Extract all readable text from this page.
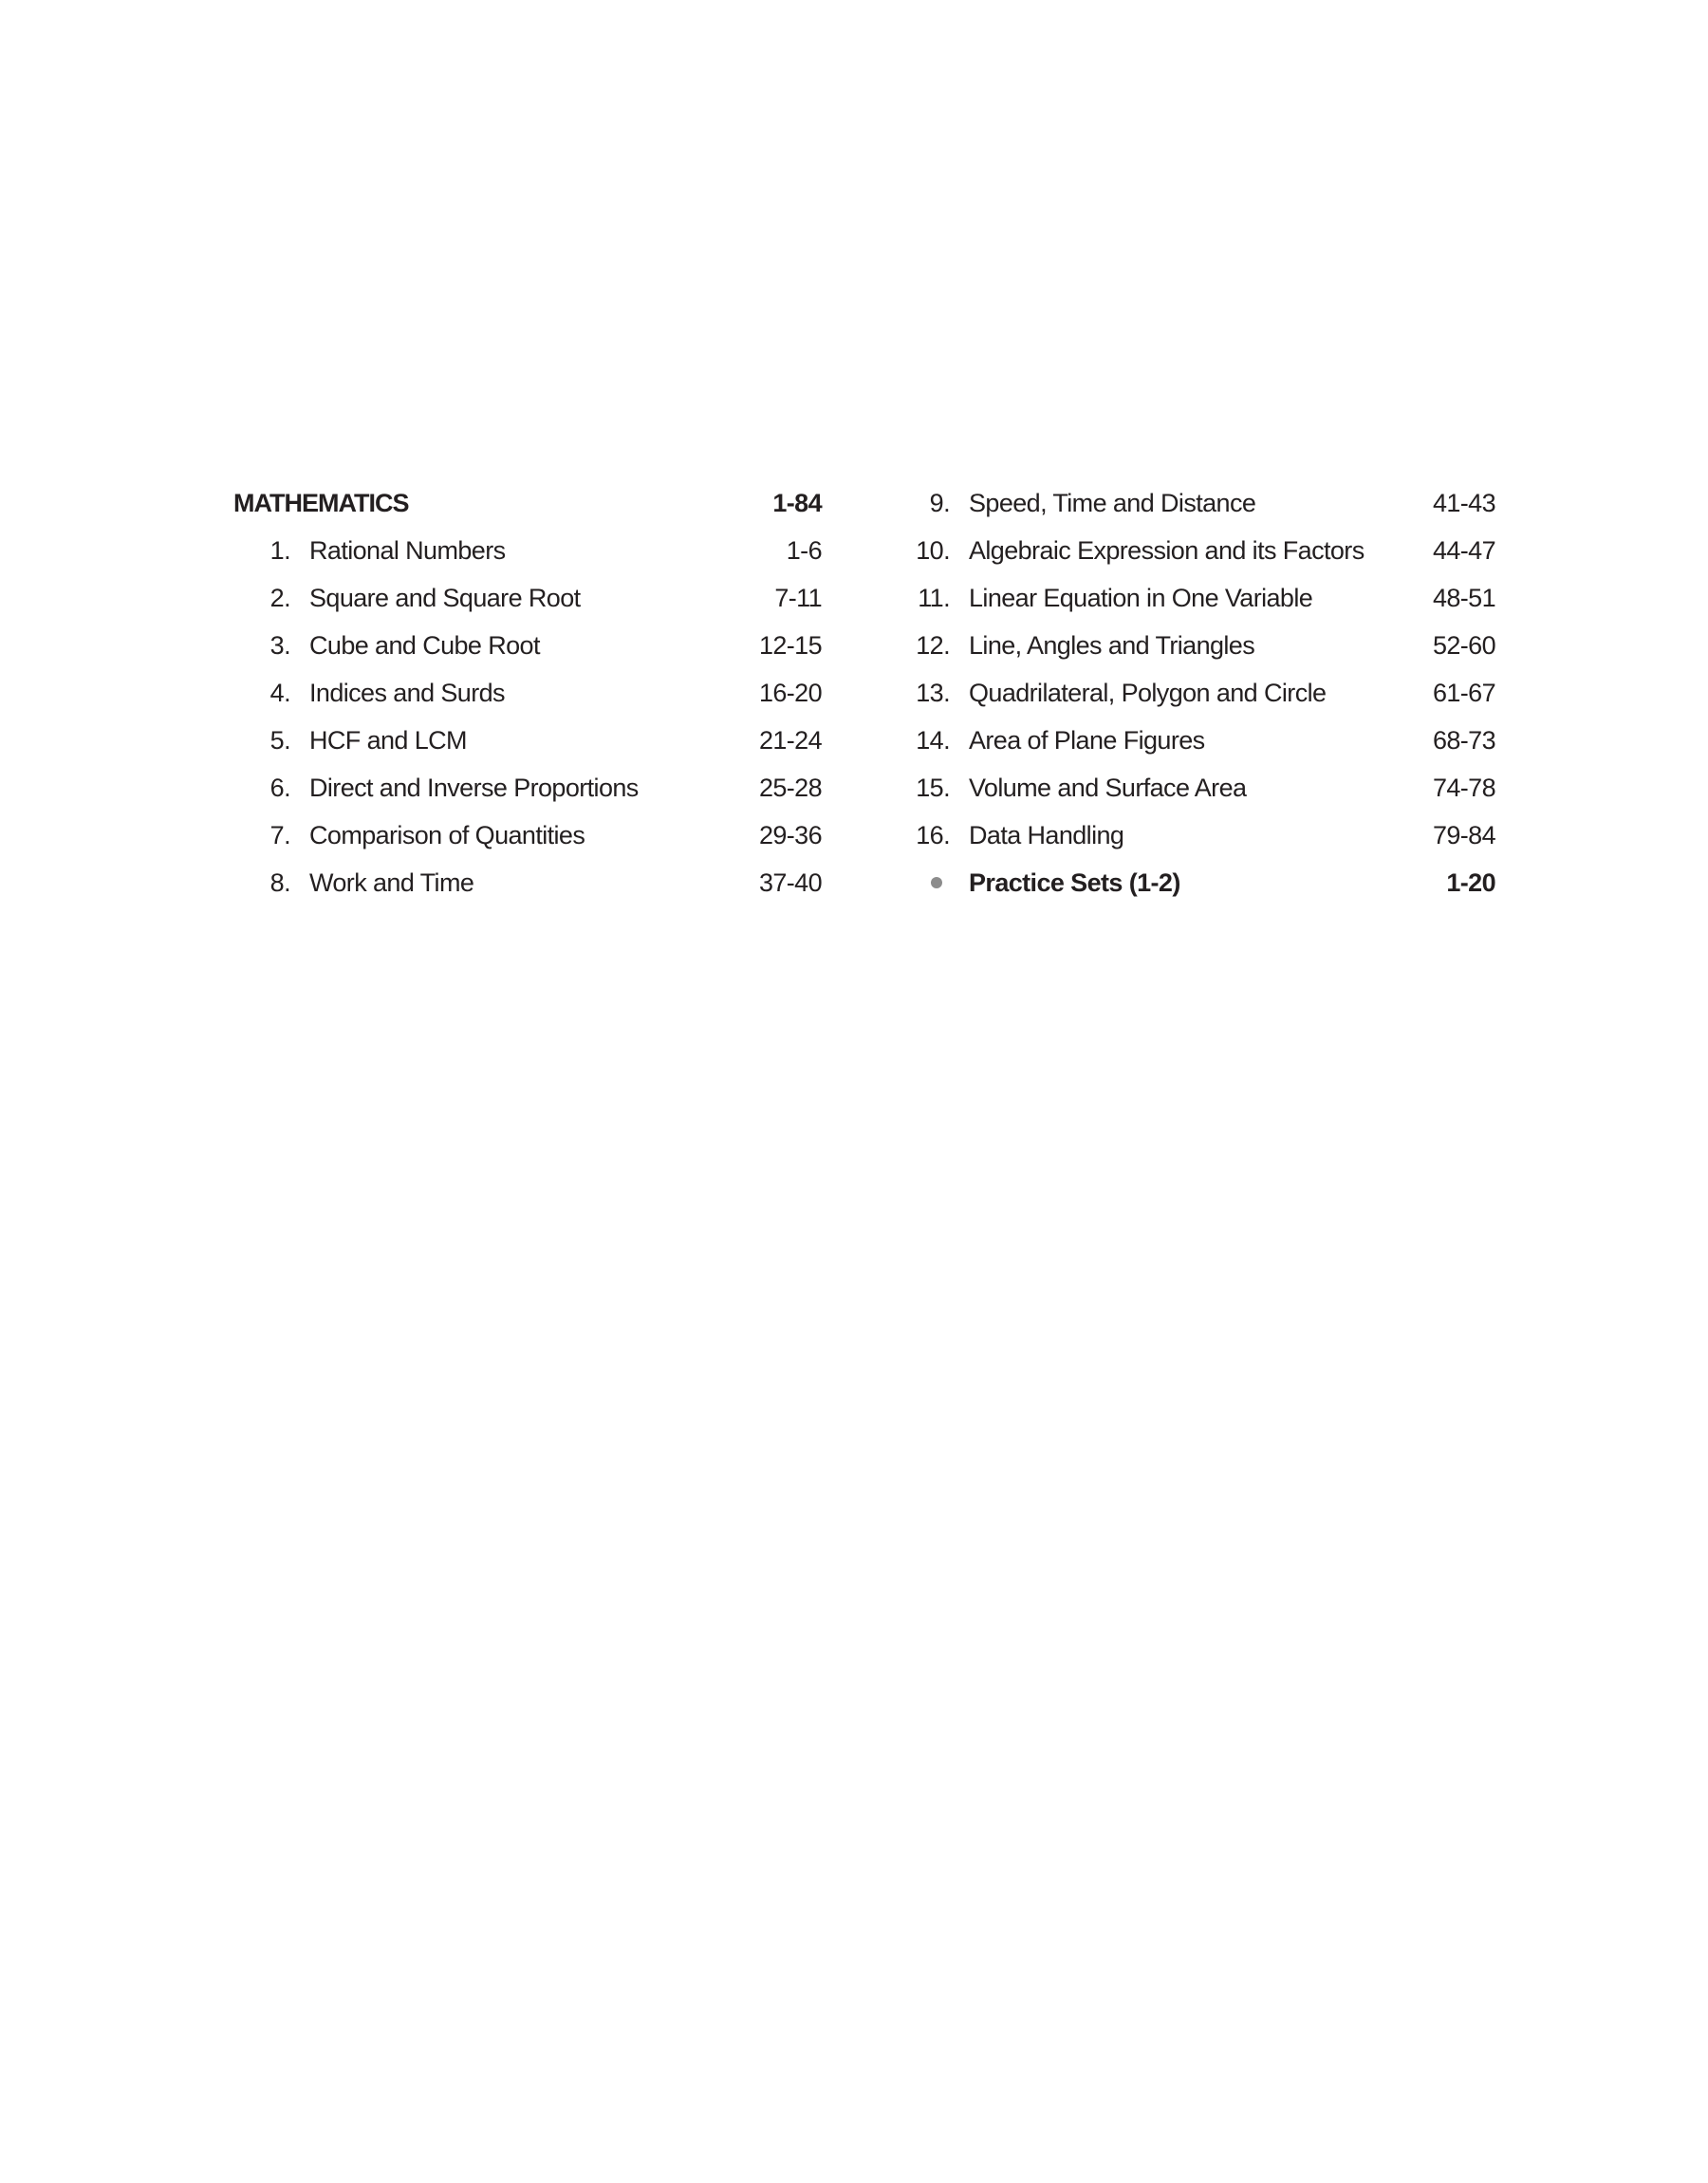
MATHEMATICS	1-84
1. Rational Numbers	1-6
2. Square and Square Root	7-11
3. Cube and Cube Root	12-15
4. Indices and Surds	16-20
5. HCF and LCM	21-24
6. Direct and Inverse Proportions	25-28
7. Comparison of Quantities	29-36
8. Work and Time	37-40
9. Speed, Time and Distance	41-43
10. Algebraic Expression and its Factors	44-47
11. Linear Equation in One Variable	48-51
12. Line, Angles and Triangles	52-60
13. Quadrilateral, Polygon and Circle	61-67
14. Area of Plane Figures	68-73
15. Volume and Surface Area	74-78
16. Data Handling	79-84
Practice Sets (1-2)	1-20
